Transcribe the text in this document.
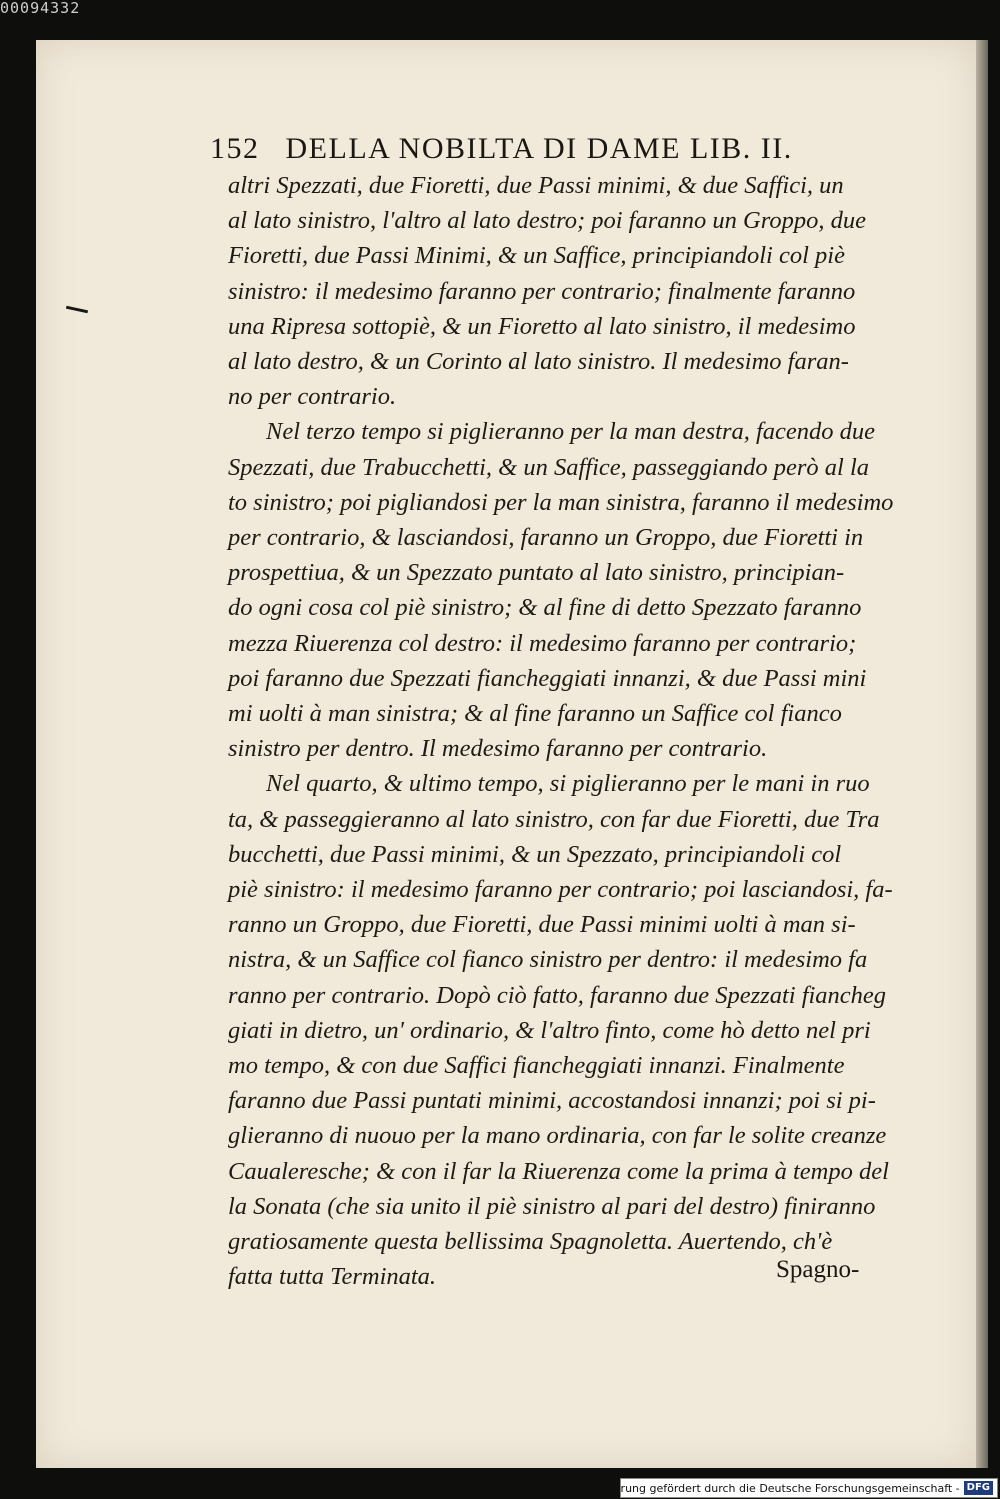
00094332
152 DELLA NOBILTA DI DAME LIB. II.
altri Spezzati, due Fioretti, due Passi minimi, & due Saffici, un
al lato sinistro, l'altro al lato destro; poi faranno un Groppo, due
Fioretti, due Passi Minimi, & un Saffice, principiandoli col piè
sinistro: il medesimo faranno per contrario; finalmente faranno
una Ripresa sottopiè, & un Fioretto al lato sinistro, il medesimo
al lato destro, & un Corinto al lato sinistro. Il medesimo faran-
no per contrario.
Nel terzo tempo si piglieranno per la man destra, facendo due
Spezzati, due Trabucchetti, & un Saffice, passeggiando però al la
to sinistro; poi pigliandosi per la man sinistra, faranno il medesimo
per contrario, & lasciandosi, faranno un Groppo, due Fioretti in
prospettiua, & un Spezzato puntato al lato sinistro, principian-
do ogni cosa col piè sinistro; & al fine di detto Spezzato faranno
mezza Riuerenza col destro: il medesimo faranno per contrario;
poi faranno due Spezzati fiancheggiati innanzi, & due Passi mini
mi uolti à man sinistra; & al fine faranno un Saffice col fianco
sinistro per dentro. Il medesimo faranno per contrario.
Nel quarto, & ultimo tempo, si piglieranno per le mani in ruo
ta, & passeggieranno al lato sinistro, con far due Fioretti, due Tra
bucchetti, due Passi minimi, & un Spezzato, principiandoli col
piè sinistro: il medesimo faranno per contrario; poi lasciandosi, fa-
ranno un Groppo, due Fioretti, due Passi minimi uolti à man si-
nistra, & un Saffice col fianco sinistro per dentro: il medesimo fa
ranno per contrario. Dopò ciò fatto, faranno due Spezzati fiancheg
giati in dietro, un' ordinario, & l'altro finto, come hò detto nel pri
mo tempo, & con due Saffici fiancheggiati innanzi. Finalmente
faranno due Passi puntati minimi, accostandosi innanzi; poi si pi-
glieranno di nuouo per la mano ordinaria, con far le solite creanze
Caualeresche; & con il far la Riuerenza come la prima à tempo del
la Sonata (che sia unito il piè sinistro al pari del destro) finiranno
gratiosamente questa bellissima Spagnoletta. Auertendo, ch'è
fatta tutta Terminata.	Spagno-
Digitalisierung gefördert durch die Deutsche Forschungsgemeinschaft - DFG
